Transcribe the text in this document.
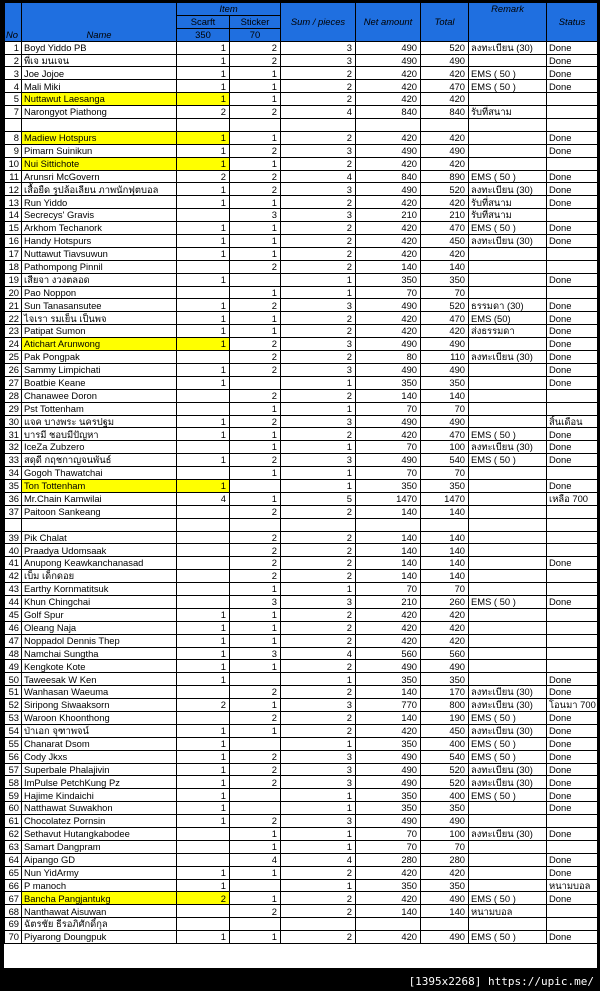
No	Name	Item		Sum / pieces	Net amount	Total	Remark	Status
		Scarft	Sticker					
		350	70					
1	Boyd Yiddo PB	1	2	3	490	520	ลงทะเบียน (30)	Done
2	พี่เจ มนเจน	1	2	3	490	490		Done
3	Joe Jojoe	1	1	2	420	420	EMS ( 50 )	Done
4	Mali Miki	1	1	2	420	470	EMS ( 50 )	Done
5	Nuttawut Laesanga	1	1	2	420	420		
7	Narongyot Piathong	2	2	4	840	840	รับที่สนาม	

8	Madiew Hotspurs	1	1	2	420	420		Done
9	Pimarn Suinikun	1	2	3	490	490		Done
10	Nui Sittichote	1	1	2	420	420		
11	Arunsri McGovern	2	2	4	840	890	EMS ( 50 )	Done
12	เสื้อยืด รูปล้อเลียน ภาพนักฟุตบอล	1	2	3	490	520	ลงทะเบียน (30)	Done
13	Run Yiddo	1	1	2	420	420	รับที่สนาม	Done
14	Secrecys' Gravis		3	3	210	210	รับที่สนาม	
15	Arkhom Techanork	1	1	2	420	470	EMS ( 50 )	Done
16	Handy Hotspurs	1	1	2	420	450	ลงทะเบียน (30)	Done
17	Nuttawut Tiavsuwun	1	1	2	420	420		
18	Pathompong Pinnil		2	2	140	140		
19	เสียจา งวงตลอด	1		1	350	350		Done
20	Pao Noppon		1	1	70	70		
21	Sun Tanasansutee	1	2	3	490	520	ธรรมดา (30)	Done
22	ไจเรา รมเย็น เป็นพจ	1	1	2	420	470	EMS (50)	Done
23	Patipat Sumon	1	1	2	420	420	ส่งธรรมดา	Done
24	Atichart Arunwong	1	2	3	490	490		Done
25	Pak Pongpak		2	2	80	110	ลงทะเบียน (30)	Done
26	Sammy Limpichati	1	2	3	490	490		Done
27	Boatbie Keane	1		1	350	350		Done
28	Chanawee Doron		2	2	140	140		
29	Pst Tottenham		1	1	70	70		
30	แจค บางพระ นครปฐม	1	2	3	490	490		สิ้นเดือน
31	บารมี ชอบมีปัญหา	1	1	2	420	470	EMS ( 50 )	Done
32	IceZa Zubzero		1	1	70	100	ลงทะเบียน (30)	Done
33	สดุดี กฤชกาญจนพันธ์	1	2	3	490	540	EMS ( 50 )	Done
34	Gogoh Thawatchai		1	1	70	70		
35	Ton Tottenham	1		1	350	350		Done
36	Mr.Chain Kamwilai	4	1	5	1470	1470		เหลือ 700
37	Paitoon Sankeang		2	2	140	140		

39	Pik Chalat		2	2	140	140		
40	Praadya Udomsaak		2	2	140	140		
41	Anupong Keawkanchanasad		2	2	140	140		Done
42	เบ็ม เด็กดอย		2	2	140	140		
43	Earthy Kornmatitsuk		1	1	70	70		
44	Khun Chingchai		3	3	210	260	EMS ( 50 )	Done
45	Golf Spur	1	1	2	420	420		
46	Oleang Naja	1	1	2	420	420		
47	Noppadol Dennis Thep	1	1	2	420	420		
48	Namchai Sungtha	1	3	4	560	560		
49	Kengkote Kote	1	1	2	490	490		
50	Taweesak W Ken	1		1	350	350		Done
51	Wanhasan Waeuma		2	2	140	170	ลงทะเบียน (30)	Done
52	Siripong Siwaaksorn	2	1	3	770	800	ลงทะเบียน (30)	โอนมา 700
53	Waroon Khoonthong		2	2	140	190	EMS ( 50 )	Done
54	ป่าเอก จุฑาพจน์	1	1	2	420	450	ลงทะเบียน (30)	Done
55	Chanarat Dsom	1		1	350	400	EMS ( 50 )	Done
56	Cody Jkxs	1	2	3	490	540	EMS ( 50 )	Done
57	Superbale Phalajivin	1	2	3	490	520	ลงทะเบียน (30)	Done
58	ImPulse PetchKung Pz	1	2	3	490	520	ลงทะเบียน (30)	Done
59	Hajime Kindaichi	1		1	350	400	EMS ( 50 )	Done
60	Natthawat Suwakhon	1		1	350	350		Done
61	Chocolatez Pornsin	1	2	3	490	490		
62	Sethavut Hutangkabodee		1	1	70	100	ลงทะเบียน (30)	Done
63	Samart Dangpram		1	1	70	70		
64	Aipango GD		4	4	280	280		Done
65	Nun YidArmy	1	1	2	420	420		Done
66	P manoch	1		1	350	350		หนามบอล
67	Bancha Pangjantukg	2	1	2	420	490	EMS ( 50 )	Done
68	Nanthawat Aisuwan		2	2	140	140	หนามบอล	
69	ฉัตรชัย ธีรอภิศักดิ์กุล							
70	Piyarong Doungpuk	1	1	2	420	490	EMS ( 50 )	Done
[1395x2268] https://upic.me/
